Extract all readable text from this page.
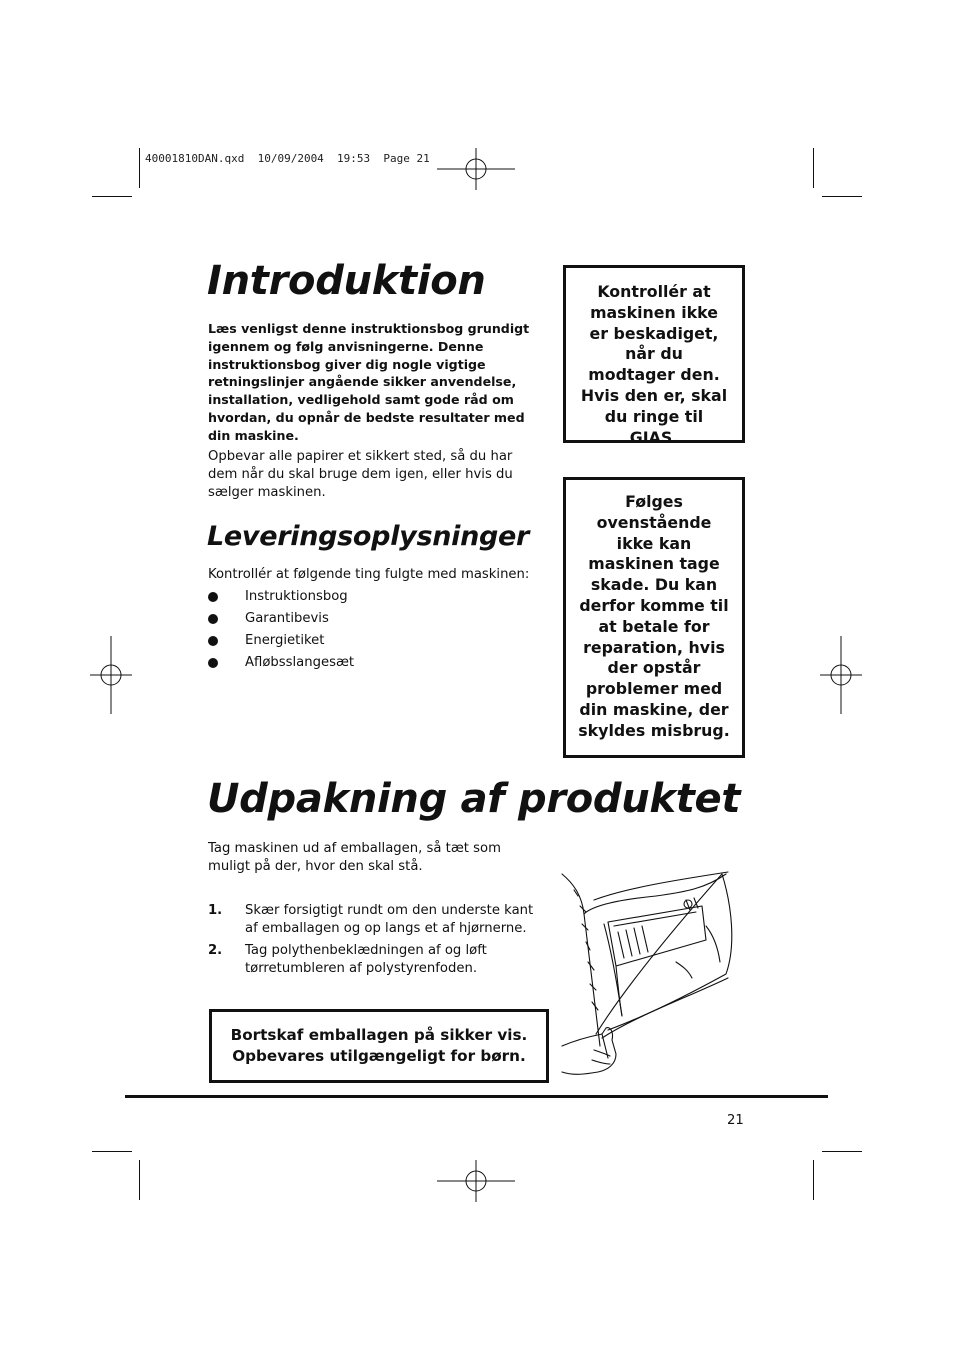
40001810DAN.qxd  10/09/2004  19:53  Page 21
Introduktion
Læs venligst denne instruktionsbog grundigt igennem og følg anvisningerne. Denne instruktionsbog giver dig nogle vigtige retningslinjer angående sikker anvendelse, installation, vedligehold samt gode råd om hvordan, du opnår de bedste resultater med din maskine.
Opbevar alle papirer et sikkert sted, så du har dem når du skal bruge dem igen, eller hvis du sælger maskinen.
Leveringsoplysninger
Kontrollér at følgende ting fulgte med maskinen:
Instruktionsbog
Garantibevis
Energietiket
Afløbsslangesæt
Kontrollér at maskinen ikke er beskadiget, når du modtager den. Hvis den er, skal du ringe til GIAS.
Følges ovenstående ikke kan maskinen tage skade. Du kan derfor komme til at betale for reparation, hvis der opstår problemer med din maskine, der skyldes misbrug.
Udpakning af produktet
Tag maskinen ud af emballagen, så tæt som muligt på der, hvor den skal stå.
1. Skær forsigtigt rundt om den underste kant af emballagen og op langs et af hjørnerne.
2. Tag polythenbeklædningen af og løft tørretumbleren af polystyrenfoden.
Bortskaf emballagen på sikker vis. Opbevares utilgængeligt for børn.
21
